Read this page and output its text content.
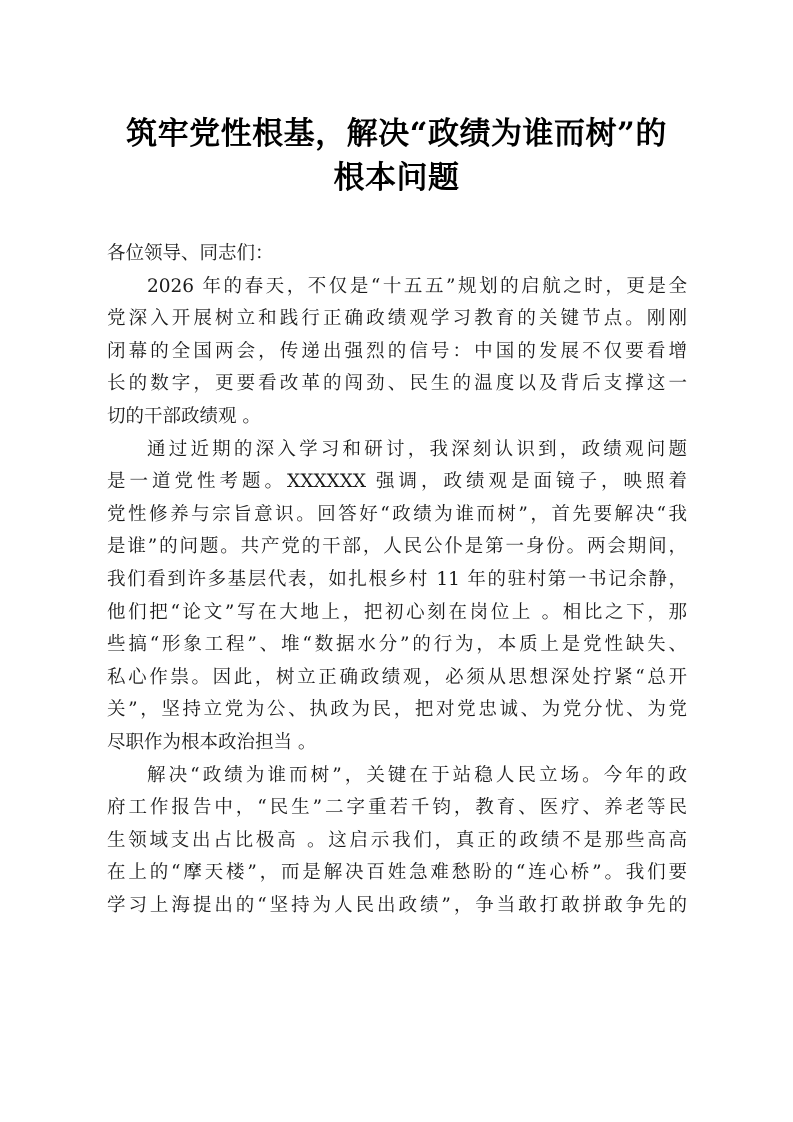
筑牢党性根基，解决“政绩为谁而树”的
根本问题

各位领导、同志们：

2026 年的春天，不仅是“十五五”规划的启航之时，更是全
党深入开展树立和践行正确政绩观学习教育的关键节点。刚刚
闭幕的全国两会，传递出强烈的信号：中国的发展不仅要看增
长的数字，更要看改革的闯劲、民生的温度以及背后支撑这一
切的干部政绩观 。

通过近期的深入学习和研讨，我深刻认识到，政绩观问题
是一道党性考题。XXXXXX 强调，政绩观是面镜子，映照着
党性修养与宗旨意识。回答好“政绩为谁而树”，首先要解决“我
是谁”的问题。共产党的干部，人民公仆是第一身份。两会期间，
我们看到许多基层代表，如扎根乡村 11 年的驻村第一书记余静，
他们把“论文”写在大地上，把初心刻在岗位上 。相比之下，那
些搞“形象工程”、堆“数据水分”的行为，本质上是党性缺失、
私心作祟。因此，树立正确政绩观，必须从思想深处拧紧“总开
关”，坚持立党为公、执政为民，把对党忠诚、为党分忧、为党
尽职作为根本政治担当 。

解决“政绩为谁而树”，关键在于站稳人民立场。今年的政
府工作报告中，“民生”二字重若千钧，教育、医疗、养老等民
生领域支出占比极高 。这启示我们，真正的政绩不是那些高高
在上的“摩天楼”，而是解决百姓急难愁盼的“连心桥”。我们要
学习上海提出的“坚持为人民出政绩”，争当敢打敢拼敢争先的
